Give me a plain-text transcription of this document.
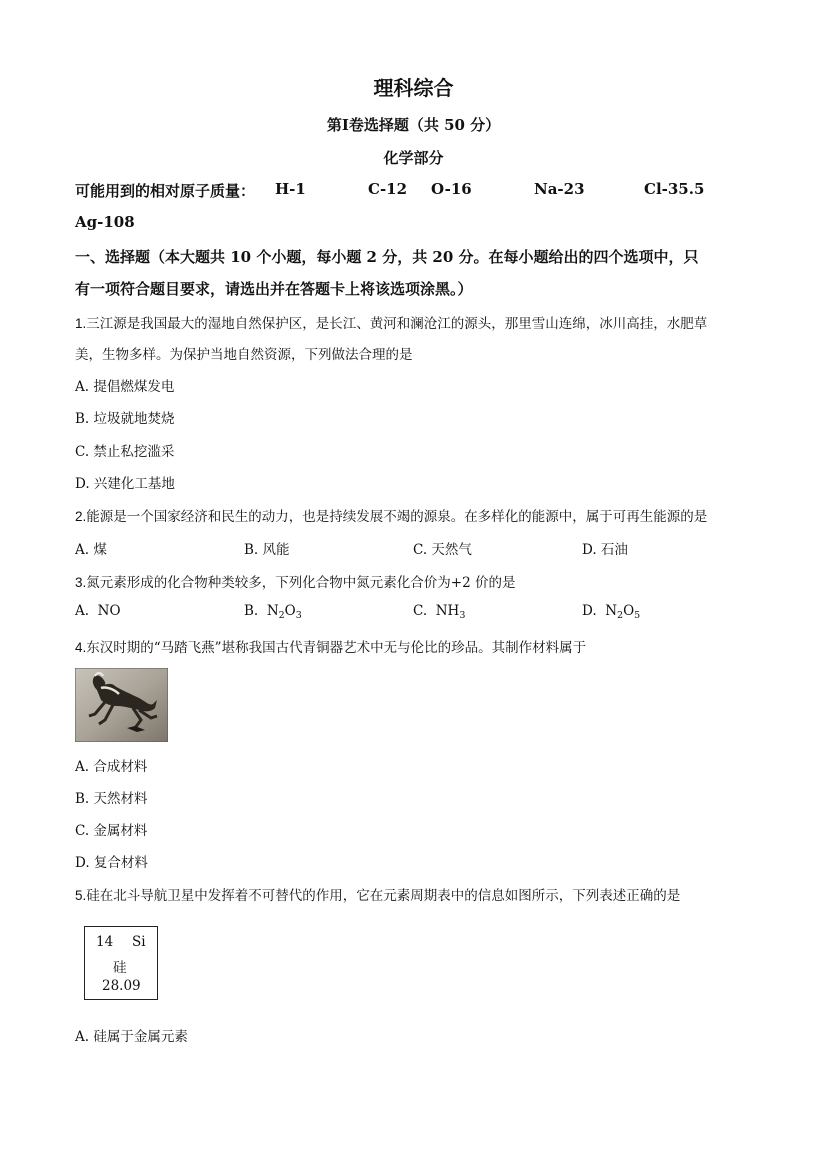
理科综合
第Ⅰ卷选择题（共 50 分）
化学部分
可能用到的相对原子质量： H-1	C-12 O-16	Na-23	Cl-35.5
Ag-108
一、选择题（本大题共 10 个小题，每小题 2 分，共 20 分。在每小题给出的四个选项中，只
有一项符合题目要求，请选出并在答题卡上将该选项涂黑。）
1.三江源是我国最大的湿地自然保护区，是长江、黄河和澜沧江的源头，那里雪山连绵，冰川高挂，水肥草
美，生物多样。为保护当地自然资源，下列做法合理的是
A. 提倡燃煤发电
B. 垃圾就地焚烧
C. 禁止私挖滥采
D. 兴建化工基地
2.能源是一个国家经济和民生的动力，也是持续发展不竭的源泉。在多样化的能源中，属于可再生能源的是
A. 煤	B. 风能	C. 天然气	D. 石油
3.氮元素形成的化合物种类较多，下列化合物中氮元素化合价为+2 价的是
A. NO	B. $N_2O_3$	C. $NH_3$	D. $N_2O_5$
4.东汉时期的“马踏飞燕”堪称我国古代青铜器艺术中无与伦比的珍品。其制作材料属于
A. 合成材料
B. 天然材料
C. 金属材料
D. 复合材料
5.硅在北斗导航卫星中发挥着不可替代的作用，它在元素周期表中的信息如图所示，下列表述正确的是
14 Si
硅
28.09
A. 硅属于金属元素
